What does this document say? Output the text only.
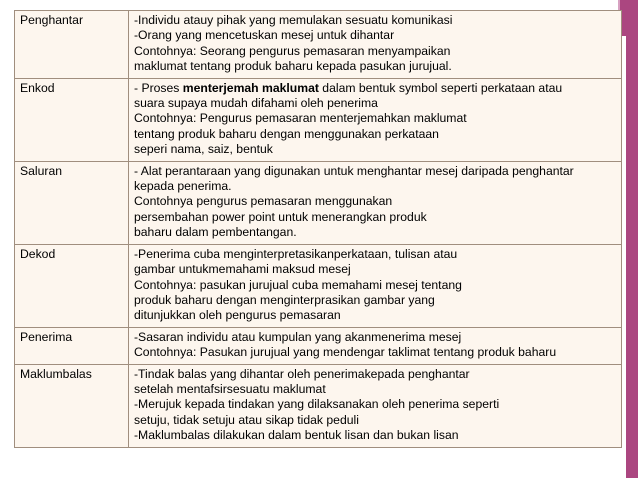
Penghantar	-Individu atauy pihak yang memulakan sesuatu komunikasi
-Orang yang mencetuskan mesej untuk dihantar
Contohnya: Seorang pengurus pemasaran menyampaikan
maklumat tentang produk baharu kepada pasukan jurujual.

Enkod	- Proses menterjemah maklumat dalam bentuk symbol seperti perkataan atau
suara supaya mudah difahami oleh penerima
Contohnya: Pengurus pemasaran menterjemahkan maklumat
tentang produk baharu dengan menggunakan perkataan
seperi nama, saiz, bentuk

Saluran	- Alat perantaraan yang digunakan untuk menghantar mesej daripada penghantar
kepada penerima.
Contohnya pengurus pemasaran menggunakan
persembahan power point untuk menerangkan produk
baharu dalam pembentangan.

Dekod	-Penerima cuba menginterpretasikanperkataan, tulisan atau
gambar untukmemahami maksud mesej
Contohnya: pasukan jurujual cuba memahami mesej tentang
produk baharu dengan menginterprasikan gambar yang
ditunjukkan oleh pengurus pemasaran

Penerima	-Sasaran individu atau kumpulan yang akanmenerima mesej
Contohnya: Pasukan jurujual yang mendengar taklimat tentang produk baharu

Maklumbalas	-Tindak balas yang dihantar oleh penerimakepada penghantar
setelah mentafsirsesuatu maklumat
-Merujuk kepada tindakan yang dilaksanakan oleh penerima seperti
setuju, tidak setuju atau sikap tidak peduli
-Maklumbalas dilakukan dalam bentuk lisan dan bukan lisan
